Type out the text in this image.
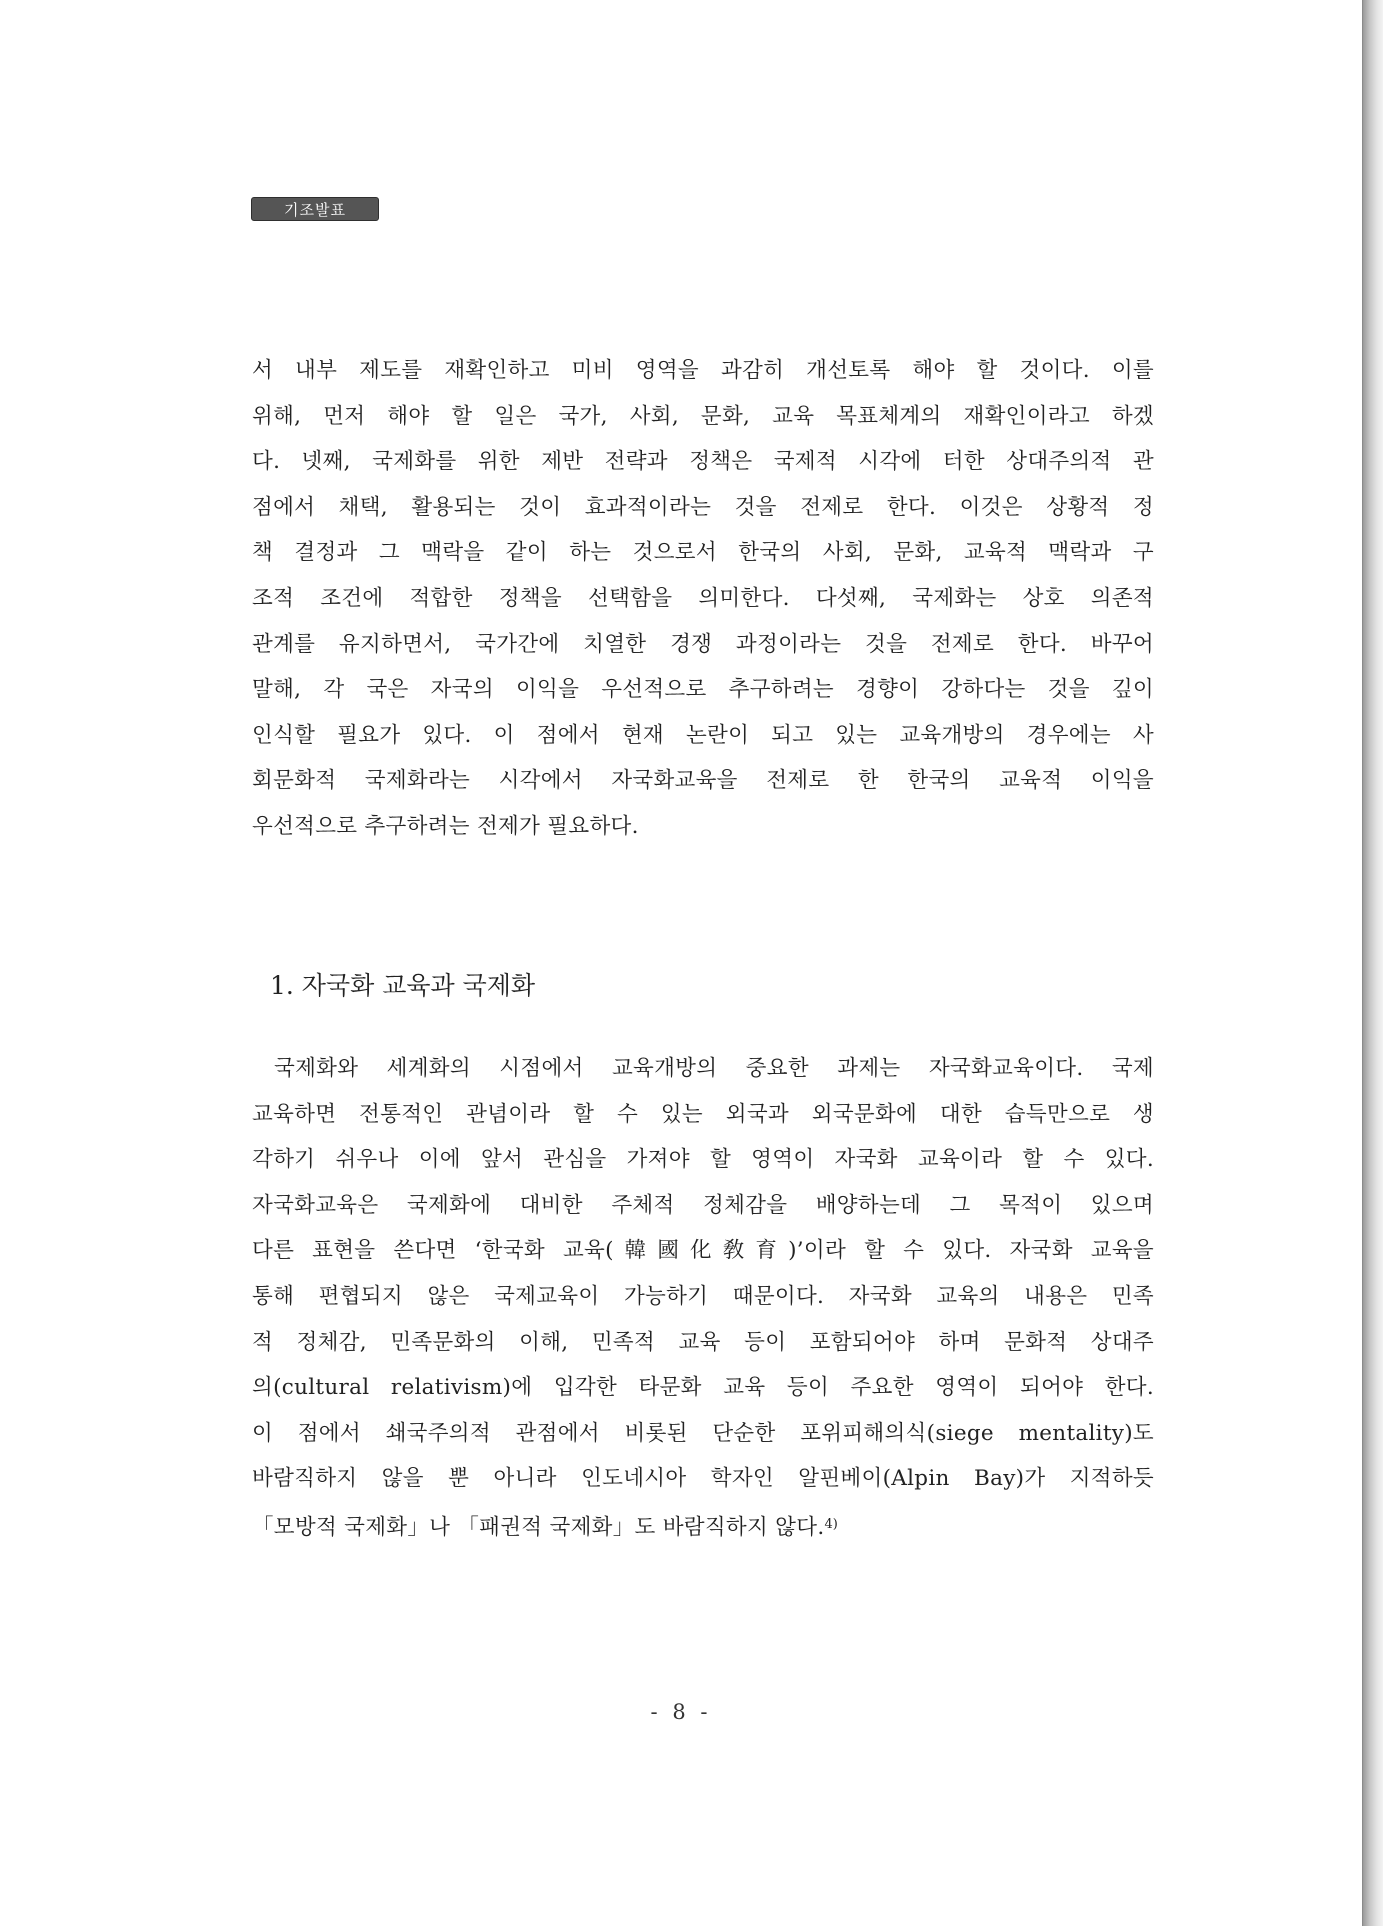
기조발표
서 내부 제도를 재확인하고 미비 영역을 과감히 개선토록 해야 할 것이다. 이를
위해, 먼저 해야 할 일은 국가, 사회, 문화, 교육 목표체계의 재확인이라고 하겠
다. 넷째, 국제화를 위한 제반 전략과 정책은 국제적 시각에 터한 상대주의적 관
점에서 채택, 활용되는 것이 효과적이라는 것을 전제로 한다. 이것은 상황적 정
책 결정과 그 맥락을 같이 하는 것으로서 한국의 사회, 문화, 교육적 맥락과 구
조적 조건에 적합한 정책을 선택함을 의미한다. 다섯째, 국제화는 상호 의존적
관계를 유지하면서, 국가간에 치열한 경쟁 과정이라는 것을 전제로 한다. 바꾸어
말해, 각 국은 자국의 이익을 우선적으로 추구하려는 경향이 강하다는 것을 깊이
인식할 필요가 있다. 이 점에서 현재 논란이 되고 있는 교육개방의 경우에는 사
회문화적 국제화라는 시각에서 자국화교육을 전제로 한 한국의 교육적 이익을
우선적으로 추구하려는 전제가 필요하다.
1. 자국화 교육과 국제화
국제화와 세계화의 시점에서 교육개방의 중요한 과제는 자국화교육이다. 국제
교육하면 전통적인 관념이라 할 수 있는 외국과 외국문화에 대한 습득만으로 생
각하기 쉬우나 이에 앞서 관심을 가져야 할 영역이 자국화 교육이라 할 수 있다.
자국화교육은 국제화에 대비한 주체적 정체감을 배양하는데 그 목적이 있으며
다른 표현을 쓴다면 ‘한국화 교육(韓國化敎育)’이라 할 수 있다. 자국화 교육을
통해 편협되지 않은 국제교육이 가능하기 때문이다. 자국화 교육의 내용은 민족
적 정체감, 민족문화의 이해, 민족적 교육 등이 포함되어야 하며 문화적 상대주
의(cultural relativism)에 입각한 타문화 교육 등이 주요한 영역이 되어야 한다.
이 점에서 쇄국주의적 관점에서 비롯된 단순한 포위피해의식(siege mentality)도
바람직하지 않을 뿐 아니라 인도네시아 학자인 알핀베이(Alpin Bay)가 지적하듯
「모방적 국제화」나 「패권적 국제화」도 바람직하지 않다.$^{4)}$
- 8 -
